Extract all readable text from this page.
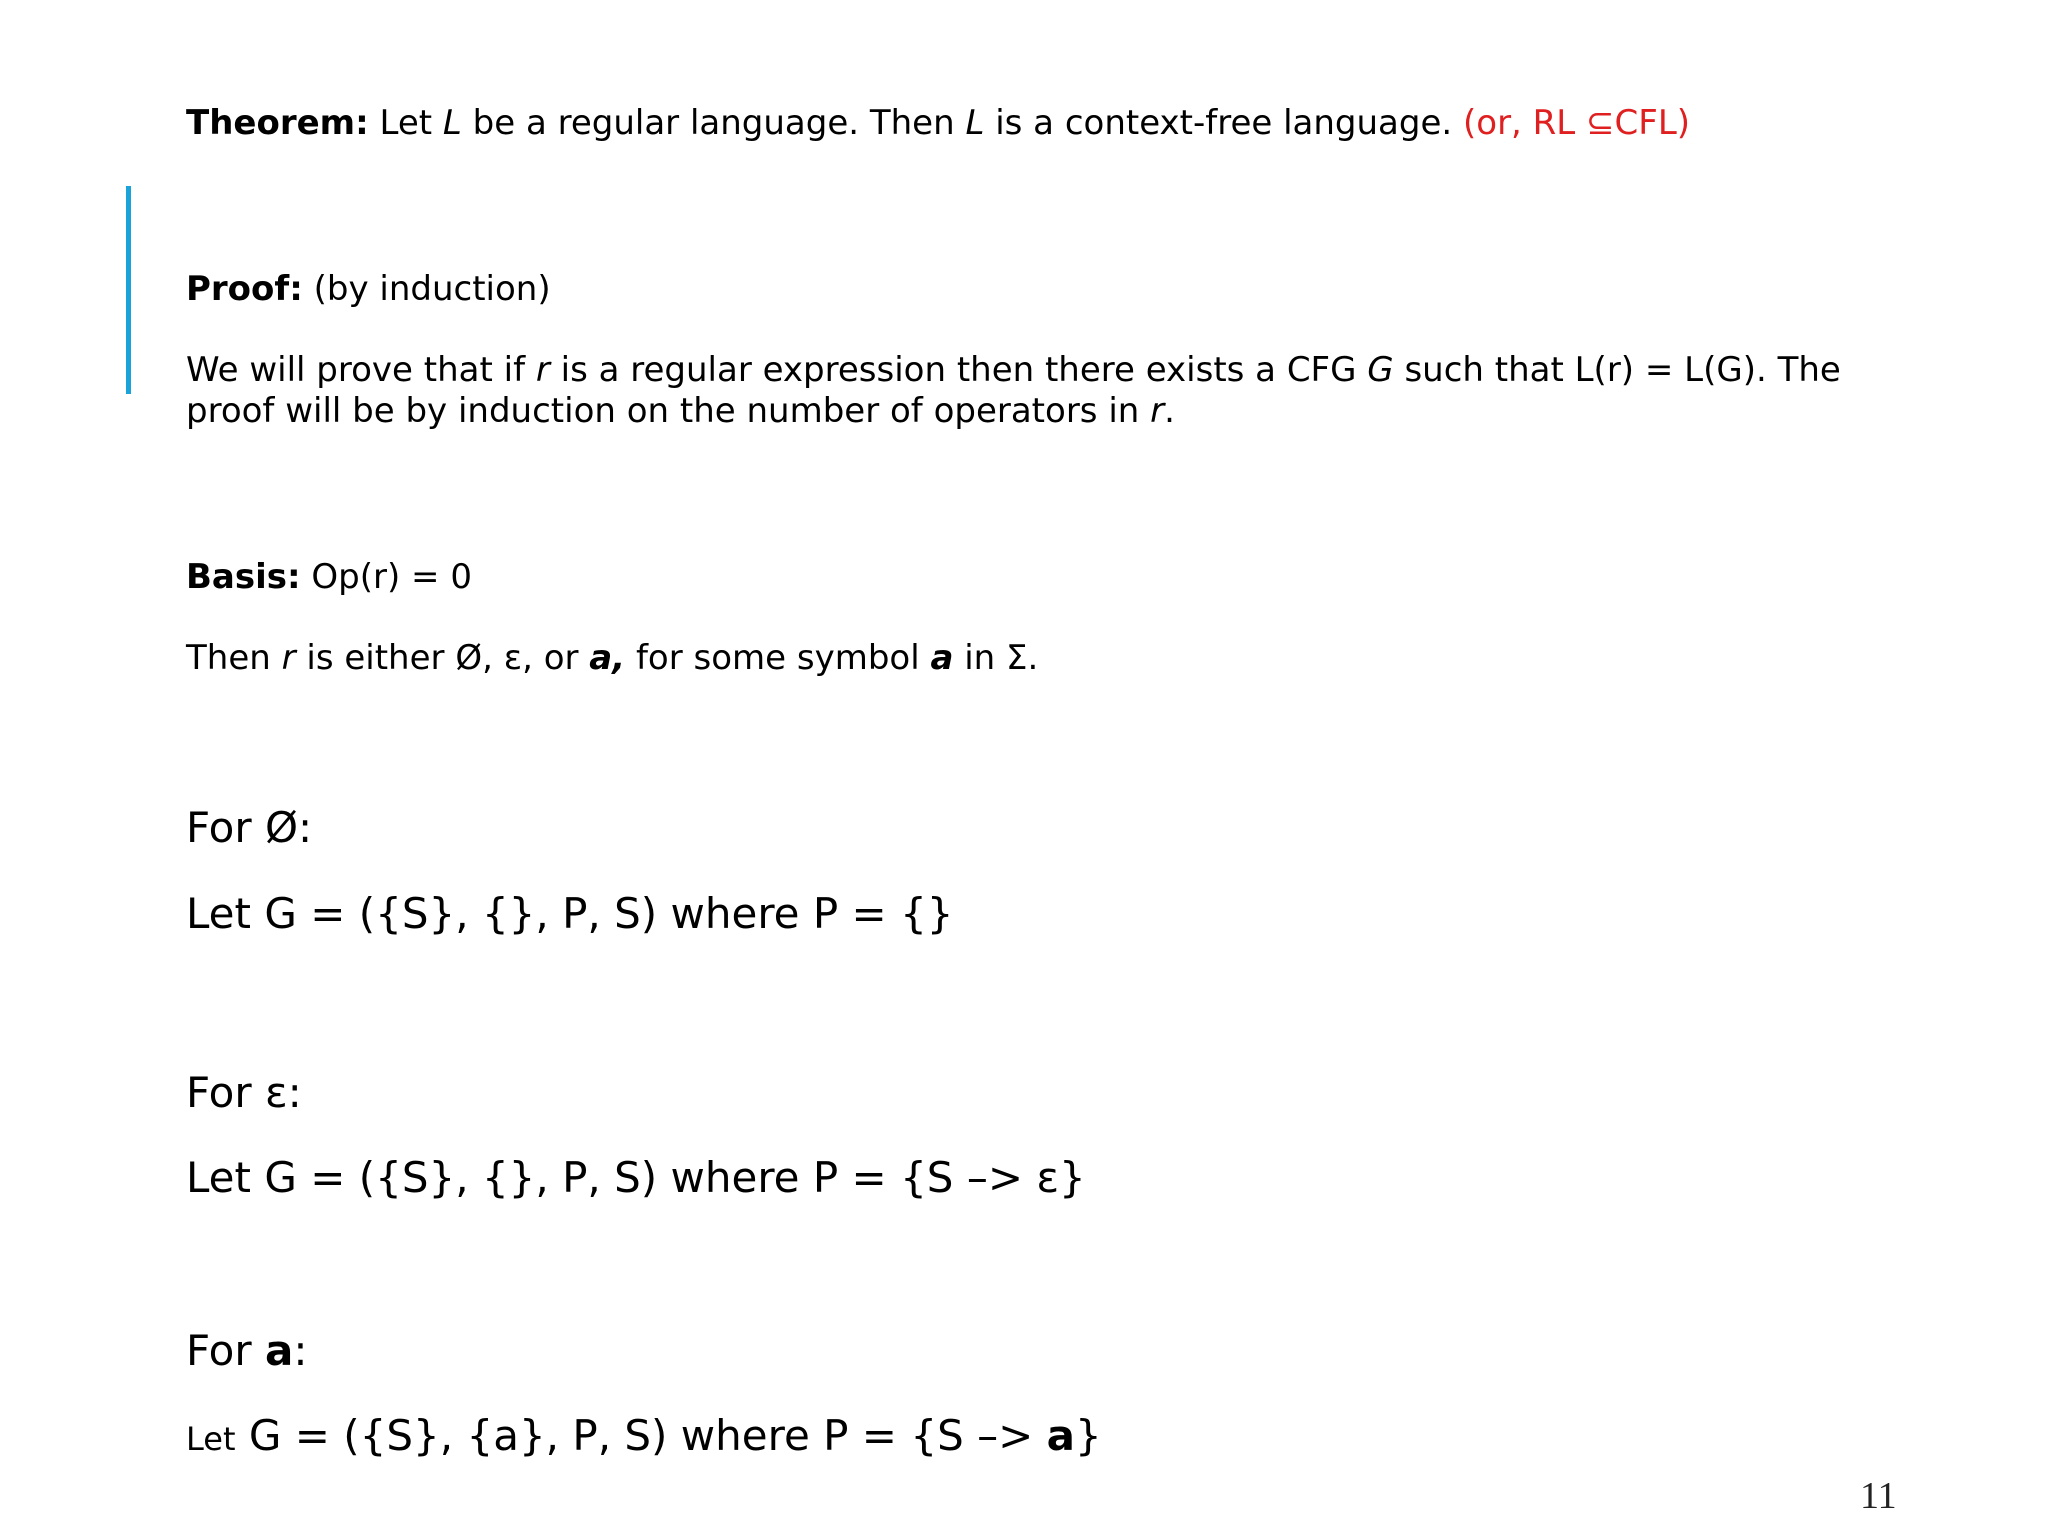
Theorem: Let L be a regular language. Then L is a context-free language. (or, RL ⊆CFL)
Proof: (by induction)
We will prove that if r is a regular expression then there exists a CFG G such that L(r) = L(G). The
proof will be by induction on the number of operators in r.
Basis: Op(r) = 0
Then r is either Ø, ε, or a, for some symbol a in Σ.
For Ø:
Let G = ({S}, {}, P, S) where P = {}
For ε:
Let G = ({S}, {}, P, S) where P = {S –> ε}
For a:
Let G = ({S}, {a}, P, S) where P = {S –> a}
11
